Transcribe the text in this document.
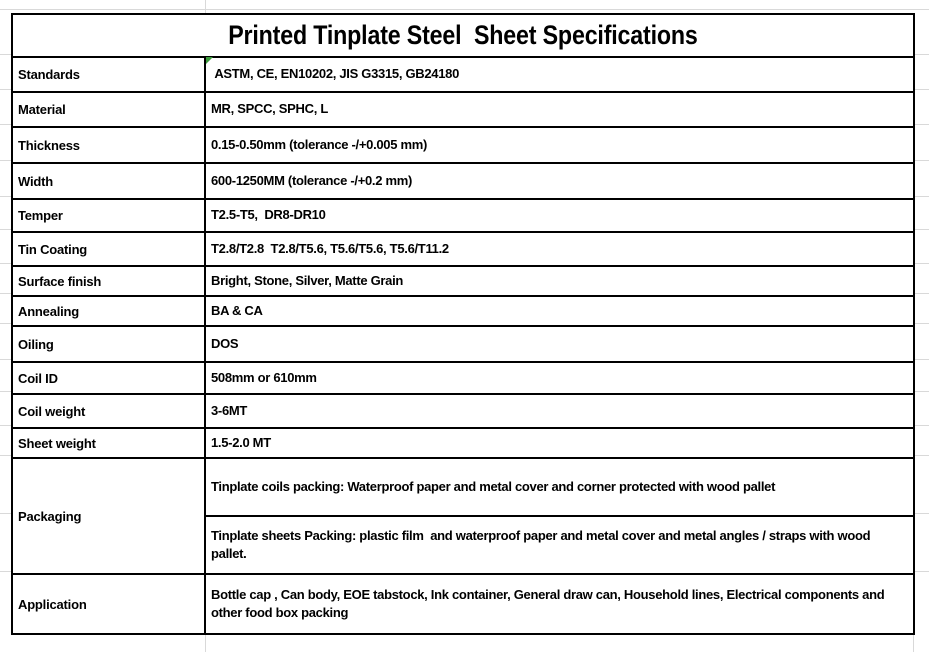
Printed Tinplate Steel  Sheet Specifications	
Standards	ASTM, CE, EN10202, JIS G3315, GB24180
Material	MR, SPCC, SPHC, L
Thickness	0.15-0.50mm (tolerance -/+0.005 mm)
Width	600-1250MM (tolerance -/+0.2 mm)
Temper	T2.5-T5,  DR8-DR10
Tin Coating	T2.8/T2.8  T2.8/T5.6, T5.6/T5.6, T5.6/T11.2
Surface finish	Bright, Stone, Silver, Matte Grain
Annealing	BA & CA
Oiling	DOS
Coil ID	508mm or 610mm
Coil weight	3-6MT
Sheet weight	1.5-2.0 MT
Packaging	Tinplate coils packing: Waterproof paper and metal cover and corner protected with wood pallet
	Tinplate sheets Packing: plastic film  and waterproof paper and metal cover and metal angles / straps with wood pallet.
Application	Bottle cap , Can body, EOE tabstock, Ink container, General draw can, Household lines, Electrical components and other food box packing
